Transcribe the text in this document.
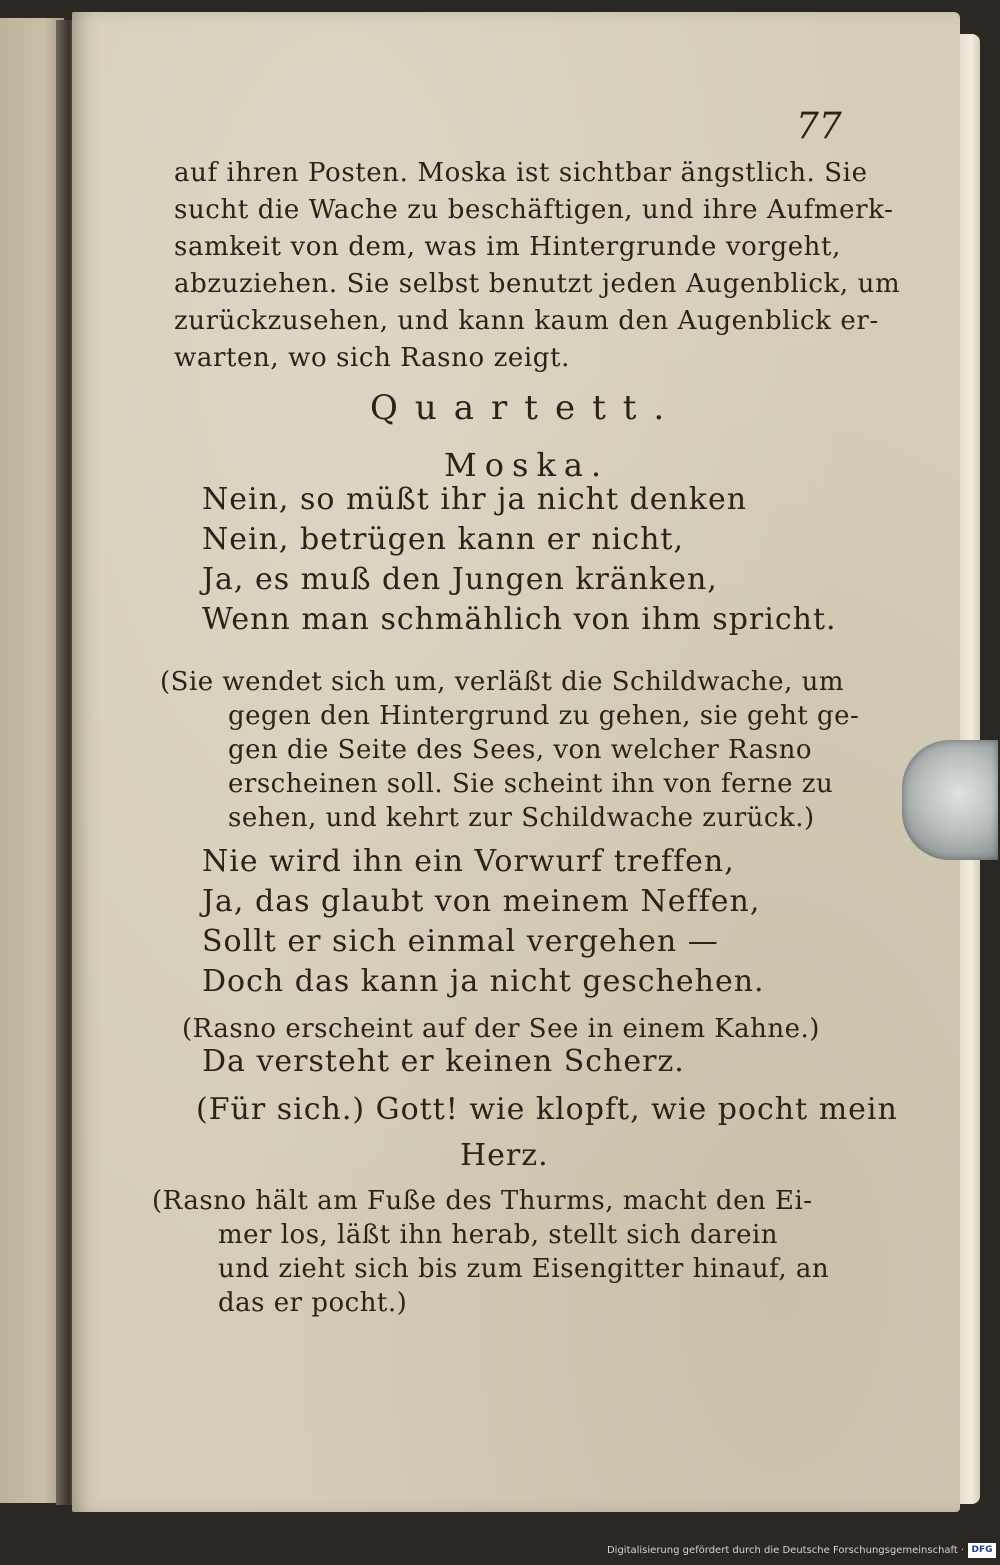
77
auf ihren Posten. Moska ist sichtbar ängstlich. Sie
sucht die Wache zu beschäftigen, und ihre Aufmerk-
samkeit von dem, was im Hintergrunde vorgeht,
abzuziehen. Sie selbst benutzt jeden Augenblick, um
zurückzusehen, und kann kaum den Augenblick er-
warten, wo sich Rasno zeigt.
Quartett.
Moska.
Nein, so müßt ihr ja nicht denken
Nein, betrügen kann er nicht,
Ja, es muß den Jungen kränken,
Wenn man schmählich von ihm spricht.
(Sie wendet sich um, verläßt die Schildwache, um
gegen den Hintergrund zu gehen, sie geht ge-
gen die Seite des Sees, von welcher Rasno
erscheinen soll. Sie scheint ihn von ferne zu
sehen, und kehrt zur Schildwache zurück.)
Nie wird ihn ein Vorwurf treffen,
Ja, das glaubt von meinem Neffen,
Sollt er sich einmal vergehen —
Doch das kann ja nicht geschehen.
(Rasno erscheint auf der See in einem Kahne.)
Da versteht er keinen Scherz.
(Für sich.) Gott! wie klopft, wie pocht mein
Herz.
(Rasno hält am Fuße des Thurms, macht den Ei-
mer los, läßt ihn herab, stellt sich darein
und zieht sich bis zum Eisengitter hinauf, an
das er pocht.)
Digitalisierung gefördert durch die Deutsche Forschungsgemeinschaft · DFG
